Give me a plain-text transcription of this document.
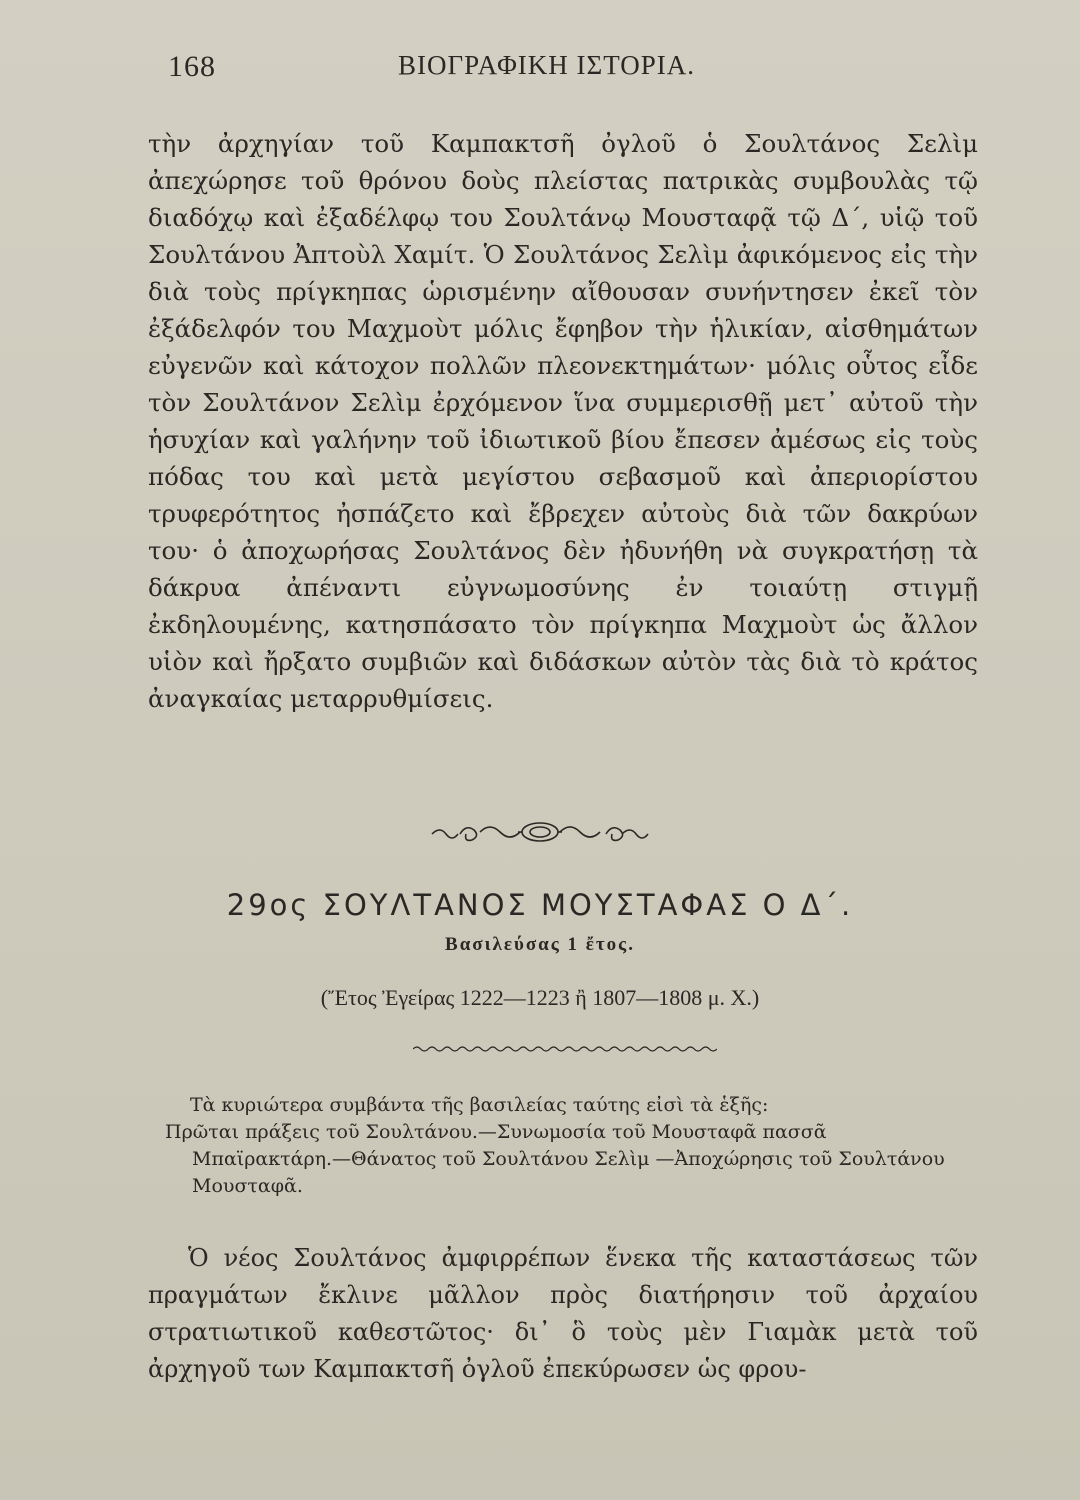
168	ΒΙΟΓΡΑΦΙΚΗ ΙΣΤΟΡΙΑ.

τὴν ἀρχηγίαν τοῦ Καμπακτσῆ ὀγλοῦ ὁ Σουλτάνος Σελὶμ ἀπεχώρησε τοῦ θρόνου δοὺς πλείστας πατρικὰς συμβουλὰς τῷ διαδόχῳ καὶ ἐξαδέλφῳ του Σουλτάνῳ Μουσταφᾷ τῷ Δ΄, υἱῷ τοῦ Σουλτάνου Ἀπτοὺλ Χαμίτ. Ὁ Σουλτάνος Σελὶμ ἀφικόμενος εἰς τὴν διὰ τοὺς πρίγκηπας ὡρισμένην αἴθουσαν συνήντησεν ἐκεῖ τὸν ἐξάδελφόν του Μαχμοὺτ μόλις ἔφηβον τὴν ἡλικίαν, αἰσθημάτων εὐγενῶν καὶ κάτοχον πολλῶν πλεονεκτημάτων· μόλις οὗτος εἶδε τὸν Σουλτάνον Σελὶμ ἐρχόμενον ἵνα συμμερισθῇ μετ᾽ αὐτοῦ τὴν ἡσυχίαν καὶ γαλήνην τοῦ ἰδιωτικοῦ βίου ἔπεσεν ἀμέσως εἰς τοὺς πόδας του καὶ μετὰ μεγίστου σεβασμοῦ καὶ ἀπεριορίστου τρυφερότητος ἠσπάζετο καὶ ἔβρεχεν αὐτοὺς διὰ τῶν δακρύων του· ὁ ἀποχωρήσας Σουλτάνος δὲν ἠδυνήθη νὰ συγκρατήσῃ τὰ δάκρυα ἀπέναντι εὐγνωμοσύνης ἐν τοιαύτῃ στιγμῇ ἐκδηλουμένης, κατησπάσατο τὸν πρίγκηπα Μαχμοὺτ ὡς ἄλλον υἱὸν καὶ ἤρξατο συμβιῶν καὶ διδάσκων αὐτὸν τὰς διὰ τὸ κράτος ἀναγκαίας μεταρρυθμίσεις.

29ος ΣΟΥΛΤΑΝΟΣ ΜΟΥΣΤΑΦΑΣ Ο Δ΄.
Βασιλεύσας 1 ἔτος.
(Ἔτος Ἐγείρας 1222—1223 ἢ 1807—1808 μ. Χ.)
Τὰ κυριώτερα συμβάντα τῆς βασιλείας ταύτης εἰσὶ τὰ ἑξῆς:
Πρῶται πράξεις τοῦ Σουλτάνου.—Συνωμοσία τοῦ Μουσταφᾶ πασσᾶ Μπαϊρακτάρη.—Θάνατος τοῦ Σουλτάνου Σελὶμ —Ἀποχώρησις τοῦ Σουλτάνου Μουσταφᾶ.

Ὁ νέος Σουλτάνος ἀμφιρρέπων ἕνεκα τῆς καταστάσεως τῶν πραγμάτων ἔκλινε μᾶλλον πρὸς διατήρησιν τοῦ ἀρχαίου στρατιωτικοῦ καθεστῶτος· δι᾽ ὃ τοὺς μὲν Γιαμὰκ μετὰ τοῦ ἀρχηγοῦ των Καμπακτσῆ ὀγλοῦ ἐπεκύρωσεν ὡς φρου-
